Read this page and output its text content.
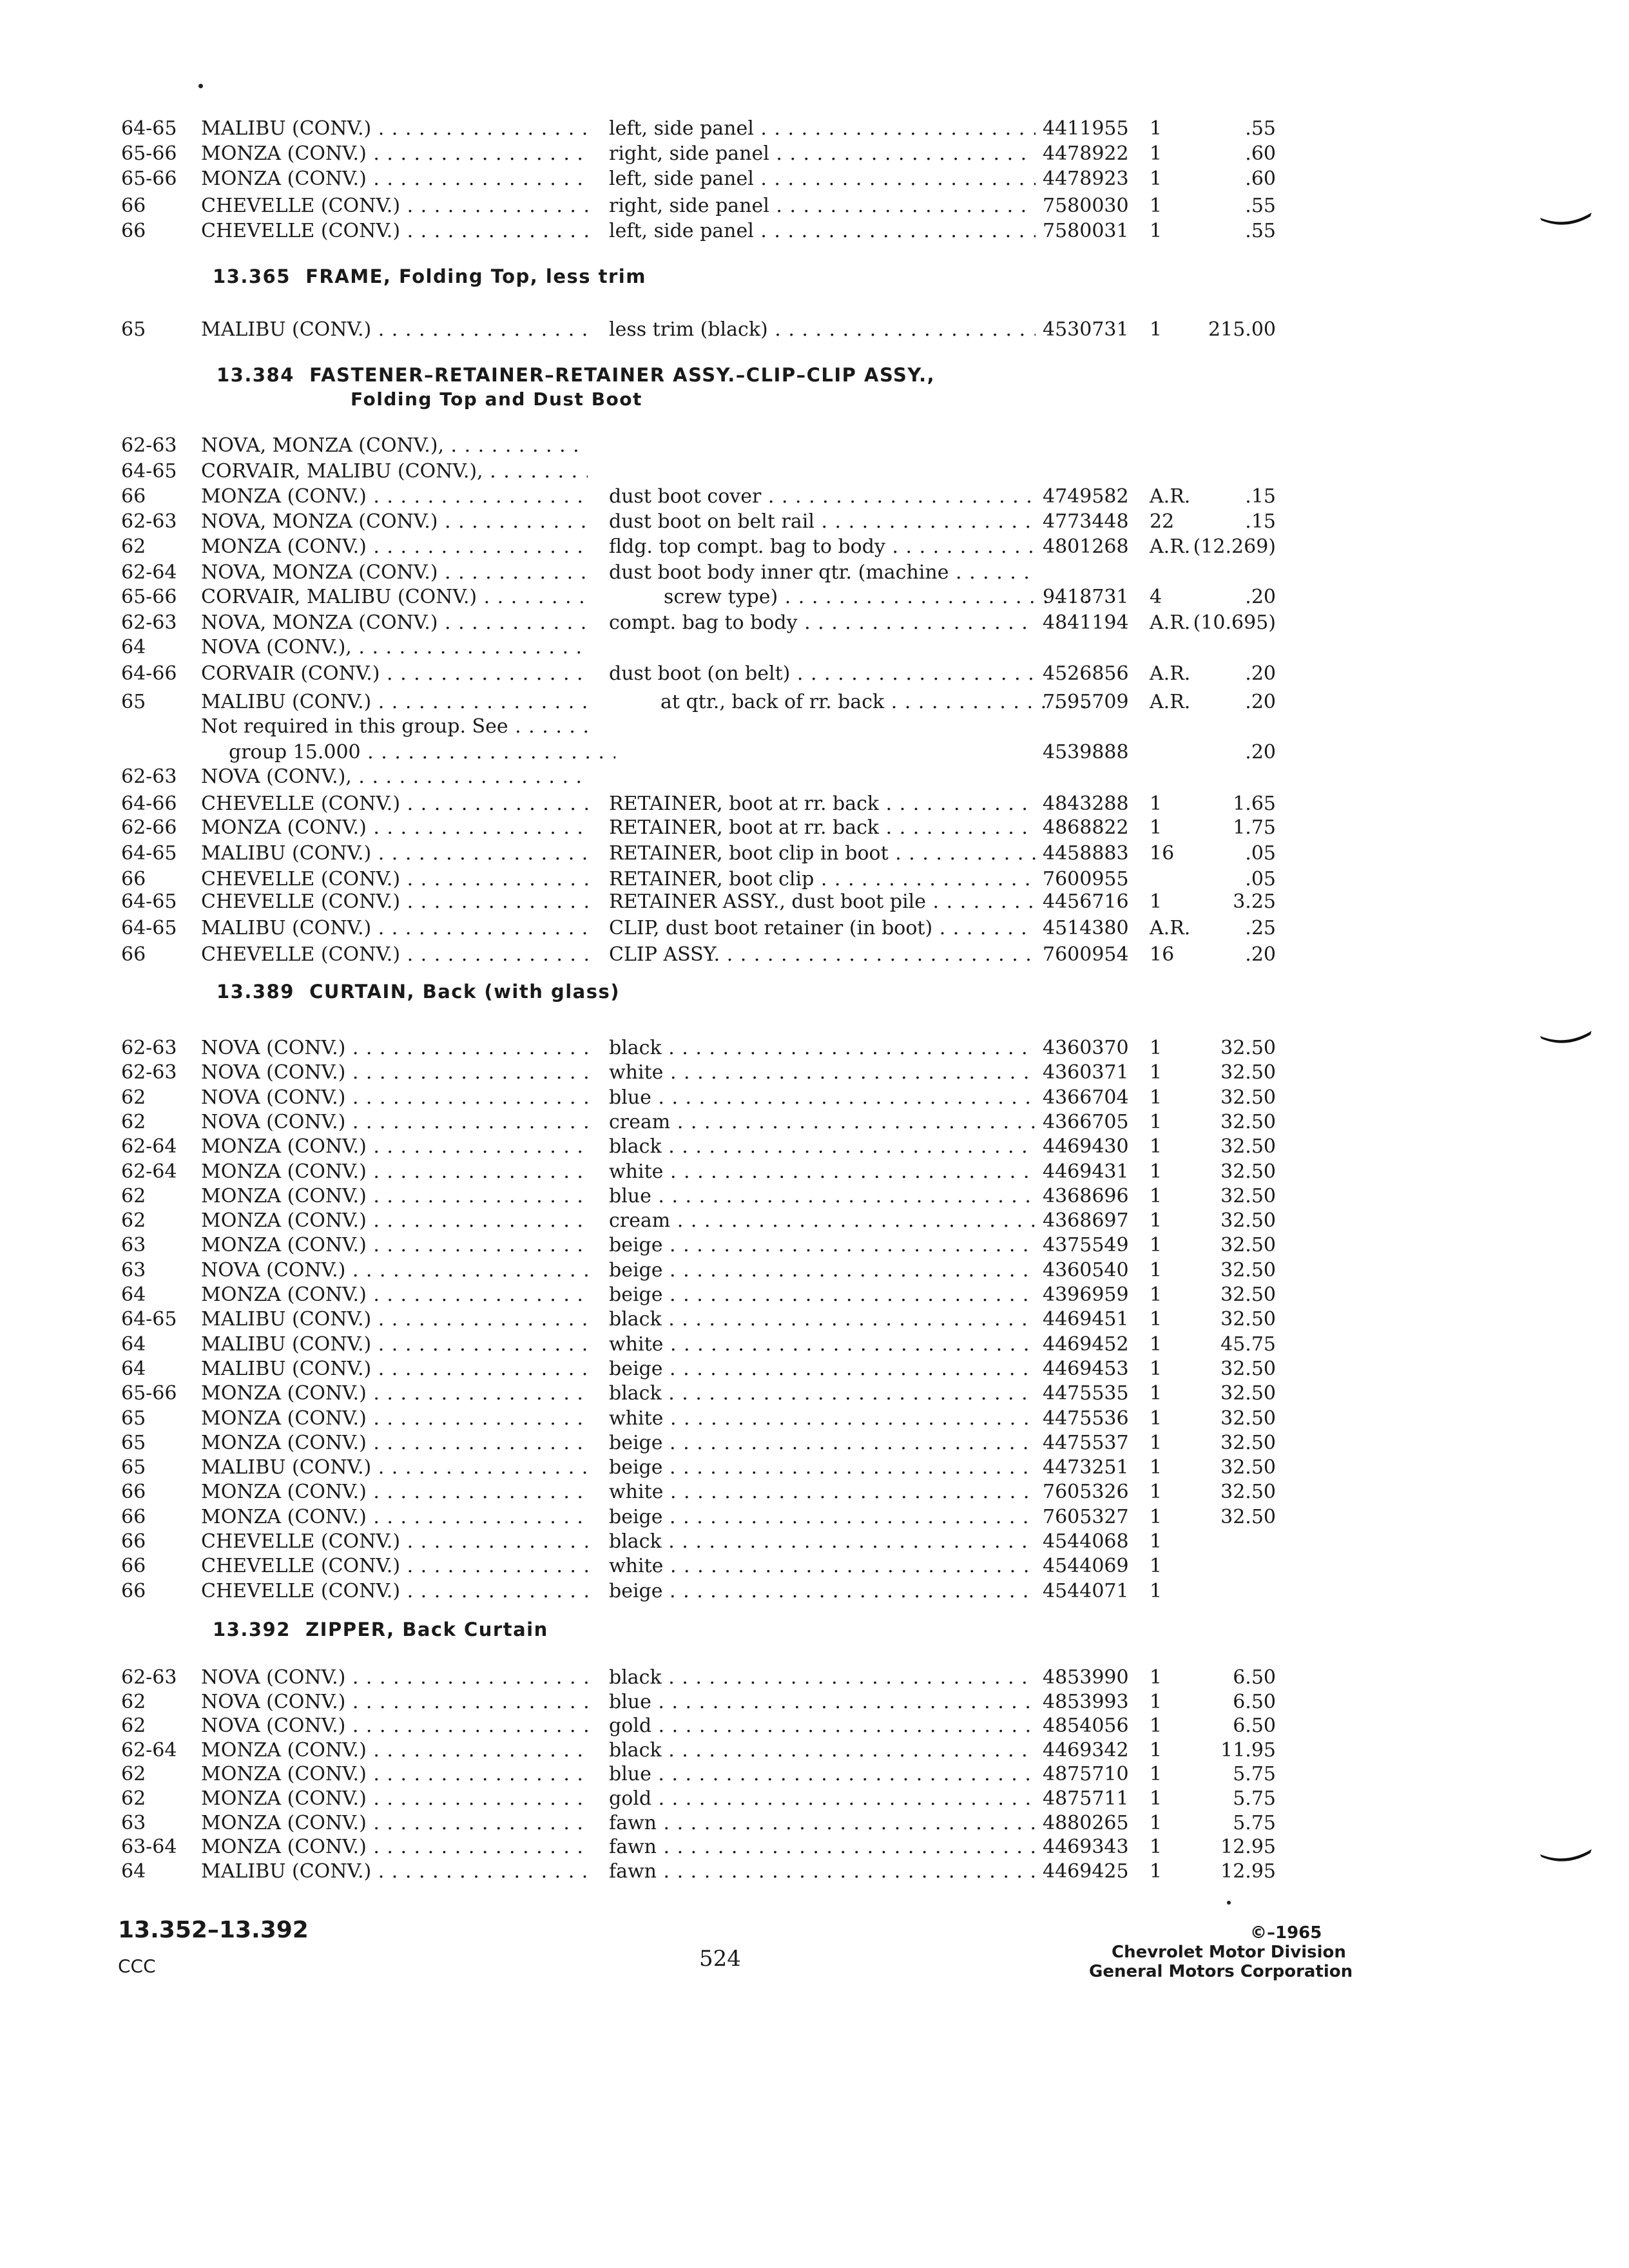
64-65 MALIBU (CONV.) . . .	left, side panel . . .	4411955 1	.55
65-66 MONZA (CONV.) . . .	right, side panel . . .	4478922 1	.60
65-66 MONZA (CONV.) . . .	left, side panel . . .	4478923 1	.60
66	CHEVELLE (CONV.) . . .	right, side panel . . .	7580030 1	.55
66	CHEVELLE (CONV.) . . .	left, side panel . . .	7580031 1	.55
13.365 FRAME, Folding Top, less trim
65	MALIBU (CONV.) . . .	less trim (black) . . .	4530731 1 215.00
13.384 FASTENER–RETAINER–RETAINER ASSY.–CLIP–CLIP ASSY.,
Folding Top and Dust Boot
62-63 NOVA, MONZA (CONV.), . . .
64-65 CORVAIR, MALIBU (CONV.), . . .
66	MONZA (CONV.) . . .	dust boot cover . . .	4749582 A.R.	.15
62-63 NOVA, MONZA (CONV.) . . .	dust boot on belt rail . . .	4773448 22	.15
62	MONZA (CONV.) . . .	fldg. top compt. bag to body . . .	4801268 A.R. (12.269)
62-64 NOVA, MONZA (CONV.) . . .	dust boot body inner qtr. (machine . . .
65-66 CORVAIR, MALIBU (CONV.) . . .	screw type) . . .	9418731 4	.20
62-63 NOVA, MONZA (CONV.) . . .	compt. bag to body . . .	4841194 A.R. (10.695)
64	NOVA (CONV.), . . .
64-66 CORVAIR (CONV.) . . .	dust boot (on belt) . . .	4526856 A.R.	.20
65	MALIBU (CONV.) . . .	at qtr., back of rr. back . . .	7595709 A.R.	.20
Not required in this group. See . . .
group 15.000 . . .	4539888	.20
62-63 NOVA (CONV.), . . .
64-66 CHEVELLE (CONV.) . . .	RETAINER, boot at rr. back . . .	4843288 1	1.65
62-66 MONZA (CONV.) . . .	RETAINER, boot at rr. back . . .	4868822 1	1.75
64-65 MALIBU (CONV.) . . .	RETAINER, boot clip in boot . . .	4458883 16	.05
66	CHEVELLE (CONV.) . . .	RETAINER, boot clip . . .	7600955	.05
64-65 CHEVELLE (CONV.) . . .	RETAINER ASSY., dust boot pile . . .	4456716 1	3.25
64-65 MALIBU (CONV.) . . .	CLIP, dust boot retainer (in boot) . . .	4514380 A.R.	.25
66	CHEVELLE (CONV.) . . .	CLIP ASSY. . . .	7600954 16	.20
13.389 CURTAIN, Back (with glass)
62-63 NOVA (CONV.) . . .	black . . .	4360370 1	32.50
62-63 NOVA (CONV.) . . .	white . . .	4360371 1	32.50
62	NOVA (CONV.) . . .	blue . . .	4366704 1	32.50
62	NOVA (CONV.) . . .	cream . . .	4366705 1	32.50
62-64 MONZA (CONV.) . . .	black . . .	4469430 1	32.50
62-64 MONZA (CONV.) . . .	white . . .	4469431 1	32.50
62	MONZA (CONV.) . . .	blue . . .	4368696 1	32.50
62	MONZA (CONV.) . . .	cream . . .	4368697 1	32.50
63	MONZA (CONV.) . . .	beige . . .	4375549 1	32.50
63	NOVA (CONV.) . . .	beige . . .	4360540 1	32.50
64	MONZA (CONV.) . . .	beige . . .	4396959 1	32.50
64-65 MALIBU (CONV.) . . .	black . . .	4469451 1	32.50
64	MALIBU (CONV.) . . .	white . . .	4469452 1	45.75
64	MALIBU (CONV.) . . .	beige . . .	4469453 1	32.50
65-66 MONZA (CONV.) . . .	black . . .	4475535 1	32.50
65	MONZA (CONV.) . . .	white . . .	4475536 1	32.50
65	MONZA (CONV.) . . .	beige . . .	4475537 1	32.50
65	MALIBU (CONV.) . . .	beige . . .	4473251 1	32.50
66	MONZA (CONV.) . . .	white . . .	7605326 1	32.50
66	MONZA (CONV.) . . .	beige . . .	7605327 1	32.50
66	CHEVELLE (CONV.) . . .	black . . .	4544068 1
66	CHEVELLE (CONV.) . . .	white . . .	4544069 1
66	CHEVELLE (CONV.) . . .	beige . . .	4544071 1
13.392 ZIPPER, Back Curtain
62-63 NOVA (CONV.) . . .	black . . .	4853990 1	6.50
62	NOVA (CONV.) . . .	blue . . .	4853993 1	6.50
62	NOVA (CONV.) . . .	gold . . .	4854056 1	6.50
62-64 MONZA (CONV.) . . .	black . . .	4469342 1	11.95
62	MONZA (CONV.) . . .	blue . . .	4875710 1	5.75
62	MONZA (CONV.) . . .	gold . . .	4875711 1	5.75
63	MONZA (CONV.) . . .	fawn . . .	4880265 1	5.75
63-64 MONZA (CONV.) . . .	fawn . . .	4469343 1	12.95
64	MALIBU (CONV.) . . .	fawn . . .	4469425 1	12.95
13.352–13.392
CCC	524
©–1965
Chevrolet Motor Division
General Motors Corporation
